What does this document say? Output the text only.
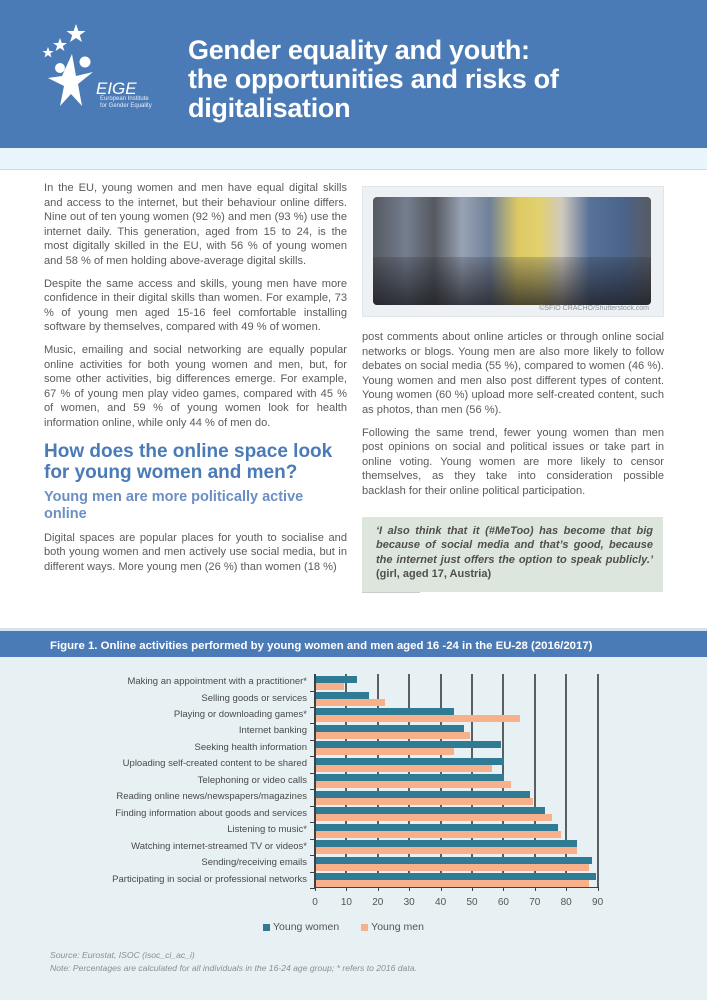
EIGE
European Institute
for Gender Equality
Gender equality and youth:
the opportunities and risks of
digitalisation

In the EU, young women and men have equal digital skills and access to the internet, but their behaviour online differs. Nine out of ten young women (92 %) and men (93 %) use the internet daily. This generation, aged from 15 to 24, is the most digitally skilled in the EU, with 56 % of young women and 58 % of men holding above-average digital skills.

Despite the same access and skills, young men have more confidence in their digital skills than women. For example, 73 % of young men aged 15-16 feel comfortable installing software by themselves, compared with 49 % of women.

Music, emailing and social networking are equally popular online activities for both young women and men, but, for some other activities, big differences emerge. For example, 67 % of young men play video games, compared with 45 % of women, and 59 % of young women look for health information online, while only 44 % of men do.

How does the online space look for young women and men?
Young men are more politically active online

Digital spaces are popular places for youth to socialise and both young women and men actively use social media, but in different ways. More young men (26 %) than women (18 %)

©SFIO CRACHO/Shutterstock.com

post comments about online articles or through online social networks or blogs. Young men are also more likely to follow debates on social media (55 %), compared to women (46 %). Young women and men also post different types of content. Young women (60 %) upload more self-created content, such as photos, than men (56 %).

Following the same trend, fewer young women than men post opinions on social and political issues or take part in online voting. Young women are more likely to censor themselves, as they take into consideration possible backlash for their online political participation.

‘I also think that it (#MeToo) has become that big because of social media and that’s good, because the internet just offers the option to speak publicly.’ (girl, aged 17, Austria)
Figure 1. Online activities performed by young women and men aged 16 -24 in the EU-28 (2016/2017)
0	10	20	30	40	50	60	70	80	90
Making an appointment with a practitioner*
Selling goods or services
Playing or downloading games*
Internet banking
Seeking health information
Uploading self-created content to be shared
Telephoning or video calls
Reading online news/newspapers/magazines
Finding information about goods and services
Listening to music*
Watching internet-streamed TV or videos*
Sending/receiving emails
Participating in social or professional networks
Young women	Young men
Source: Eurostat, ISOC (isoc_ci_ac_i)
Note: Percentages are calculated for all individuals in the 16-24 age group; * refers to 2016 data.
